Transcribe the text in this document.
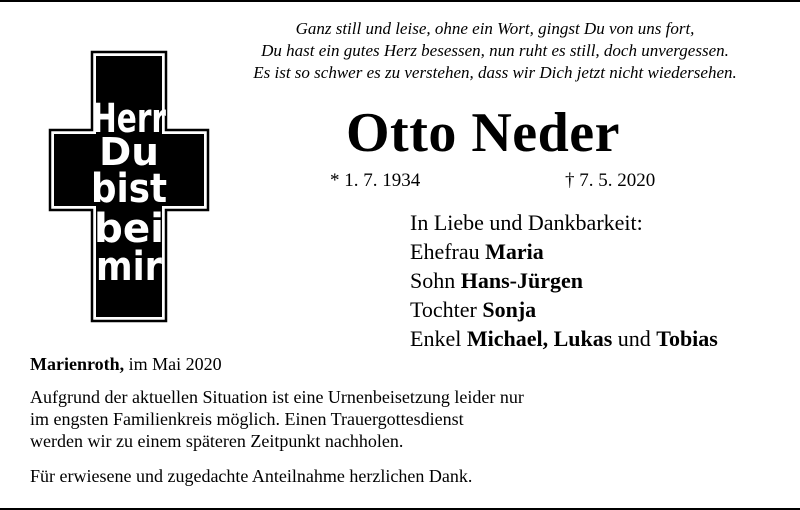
Ganz still und leise, ohne ein Wort, gingst Du von uns fort,
Du hast ein gutes Herz besessen, nun ruht es still, doch unvergessen.
Es ist so schwer es zu verstehen, dass wir Dich jetzt nicht wiedersehen.
Herr
Du
bist
bei
mir
Otto Neder
* 1. 7. 1934	† 7. 5. 2020
In Liebe und Dankbarkeit:
Ehefrau Maria
Sohn Hans-Jürgen
Tochter Sonja
Enkel Michael, Lukas und Tobias
Marienroth, im Mai 2020
Aufgrund der aktuellen Situation ist eine Urnenbeisetzung leider nur
im engsten Familienkreis möglich. Einen Trauergottesdienst
werden wir zu einem späteren Zeitpunkt nachholen.
Für erwiesene und zugedachte Anteilnahme herzlichen Dank.
